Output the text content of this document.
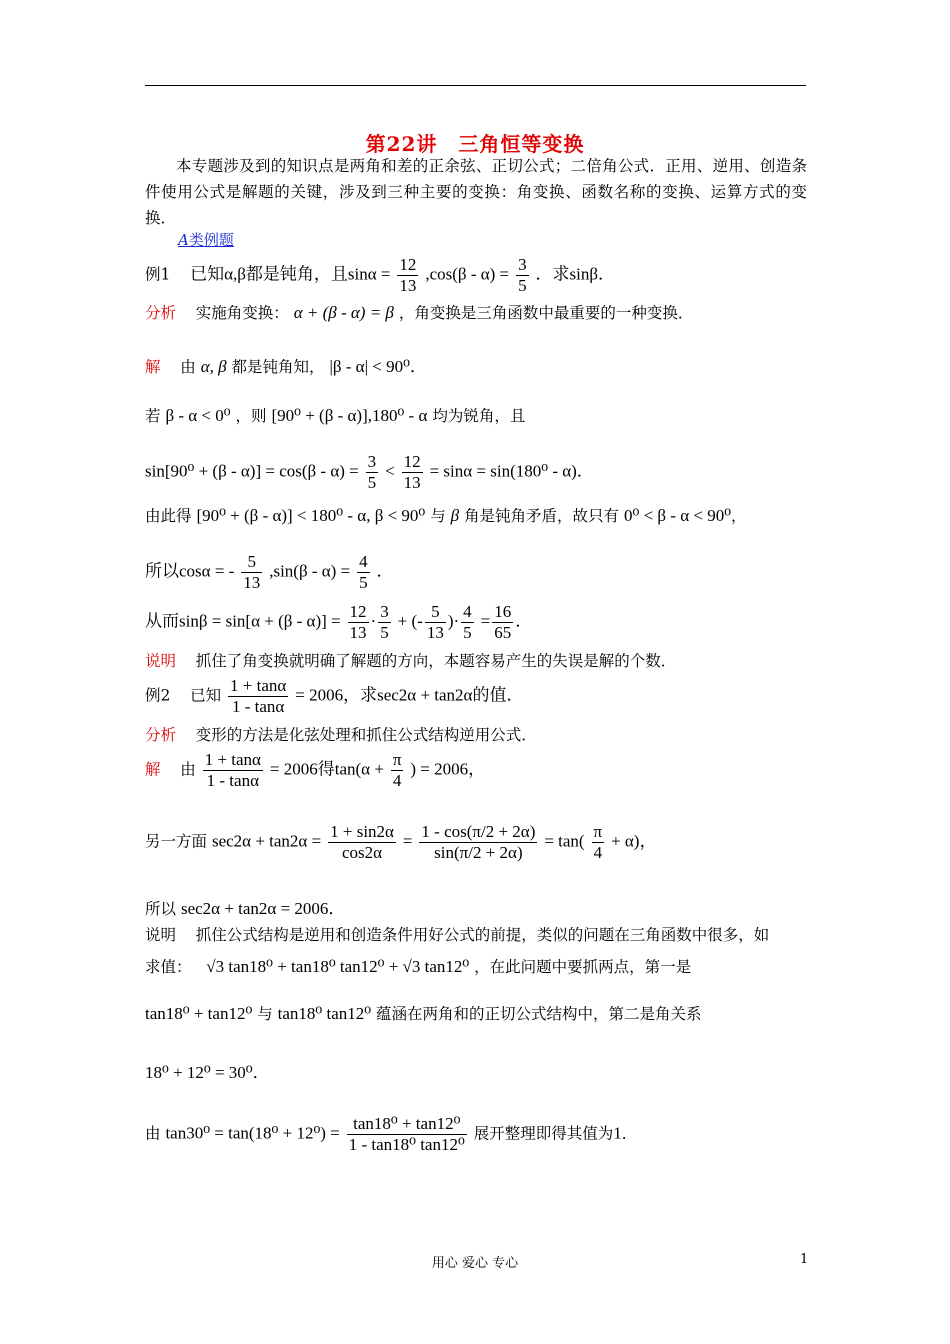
第22讲　三角恒等变换
本专题涉及到的知识点是两角和差的正余弦、正切公式；二倍角公式．正用、逆用、创造条件使用公式是解题的关键，涉及到三种主要的变换：角变换、函数名称的变换、运算方式的变换．
A类例题
例1 已知α,β都是钝角，且$\sin\alpha = \frac{12}{13} ,\cos(\beta - \alpha) = \frac{3}{5}$ ．求sinβ．
分析 实施角变换： α + (β - α) = β ，角变换是三角函数中最重要的一种变换．
解 由 α, β 都是钝角知， |β - α| < 90⁰．
若 β - α < 0⁰ ，则 [90⁰ + (β - α)],180⁰ - α 均为锐角，且
$\sin[90^0 + (\beta - \alpha)] = \cos(\beta - \alpha) = \frac{3}{5} < \frac{12}{13} = \sin\alpha = \sin(180^0 - \alpha)$．
由此得 [90⁰ + (β - α)] < 180⁰ - α, β < 90⁰ 与 β 角是钝角矛盾，故只有 0⁰ < β - α < 90⁰，
所以cosα = - $\frac{5}{13} ,\sin(\beta - \alpha) = \frac{4}{5}$ ．
从而$\sin\beta = \sin[\alpha + (\beta - \alpha)] = \frac{12}{13} \cdot \frac{3}{5}$ + (- $\frac{5}{13}$ )· $\frac{4}{5} = \frac{16}{65}$ ．
说明 抓住了角变换就明确了解题的方向，本题容易产生的失误是解的个数．
例2 已知 $\frac{1 + \tan\alpha}{1 - \tan\alpha} = 2006$，求sec2α + tan2α的值．
分析 变形的方法是化弦处理和抓住公式结构逆用公式．
解 由 $\frac{1 + \tan\alpha}{1 - \tan\alpha} = 2006$得$\tan(\alpha + \frac{\pi}{4}$ ) = 2006，
另一方面 $\sec 2\alpha + \tan 2\alpha = \frac{1 + \sin 2\alpha}{\cos 2\alpha} = \frac{1 - \cos(\pi/2 + 2\alpha)}{\sin(\pi/2 + 2\alpha)} = \tan( \frac{\pi}{4} + \alpha)$，
所以 sec2α + tan2α = 2006．
说明 抓住公式结构是逆用和创造条件用好公式的前提，类似的问题在三角函数中很多，如
求值： √3 tan18⁰ + tan18⁰ tan12⁰ + √3 tan12⁰ ，在此问题中要抓两点，第一是
tan18⁰ + tan12⁰ 与 tan18⁰ tan12⁰ 蕴涵在两角和的正切公式结构中，第二是角关系
18⁰ + 12⁰ = 30⁰．
由 $\tan 30^0 = \tan(18^0 + 12^0) = \frac{\text{tan18⁰ + tan12⁰}}{\text{1 - tan18⁰ tan12⁰}}$ 展开整理即得其值为1．
用心 爱心 专心	1
